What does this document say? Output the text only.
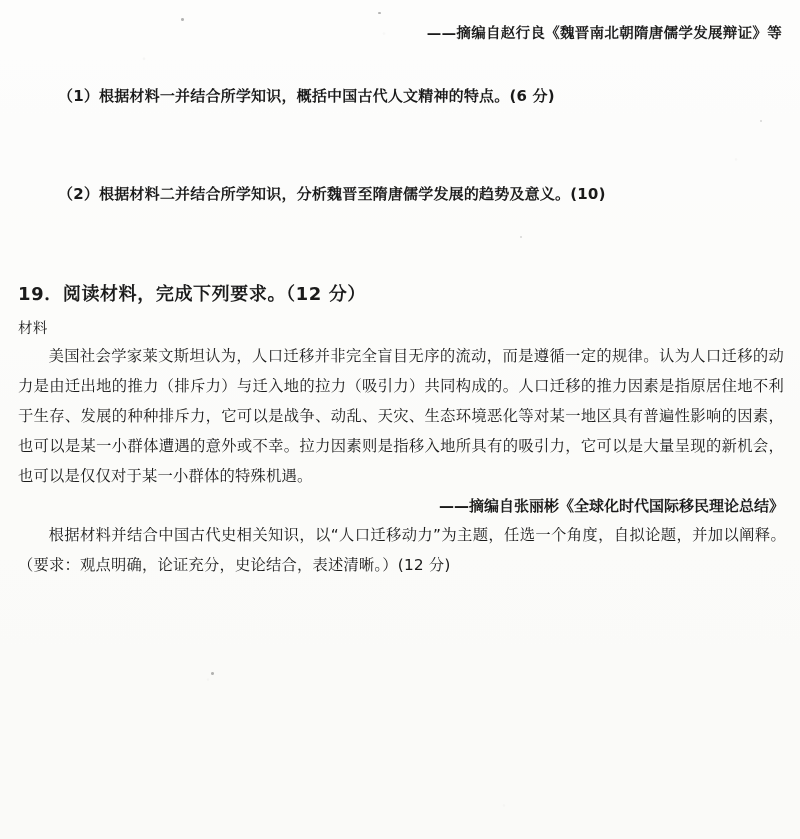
——摘编自赵行良《魏晋南北朝隋唐儒学发展辩证》等
（1）根据材料一并结合所学知识，概括中国古代人文精神的特点。(6 分)
（2）根据材料二并结合所学知识，分析魏晋至隋唐儒学发展的趋势及意义。(10)
19．阅读材料，完成下列要求。（12 分）
材料
美国社会学家莱文斯坦认为，人口迁移并非完全盲目无序的流动，而是遵循一定的规律。认为人口迁移的动力是由迁出地的推力（排斥力）与迁入地的拉力（吸引力）共同构成的。人口迁移的推力因素是指原居住地不利于生存、发展的种种排斥力，它可以是战争、动乱、天灾、生态环境恶化等对某一地区具有普遍性影响的因素，也可以是某一小群体遭遇的意外或不幸。拉力因素则是指移入地所具有的吸引力，它可以是大量呈现的新机会，也可以是仅仅对于某一小群体的特殊机遇。
——摘编自张丽彬《全球化时代国际移民理论总结》
根据材料并结合中国古代史相关知识，以“人口迁移动力”为主题，任选一个角度，自拟论题，并加以阐释。（要求：观点明确，论证充分，史论结合，表述清晰。）(12 分)
